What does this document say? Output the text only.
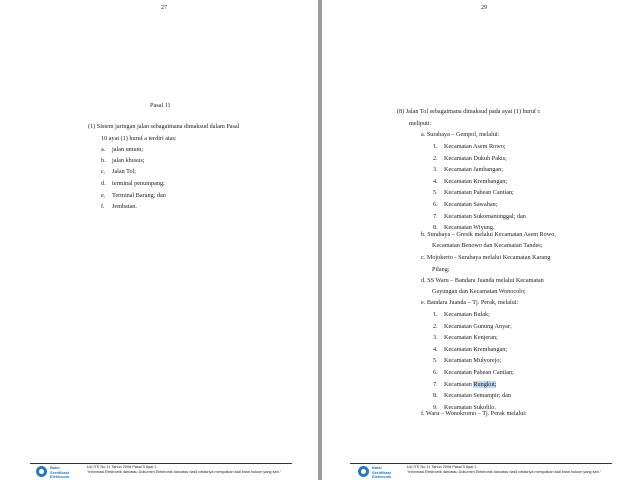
27
Pasal 11
(1) Sistem jaringan jalan sebagaimana dimaksud dalam Pasal
10 ayat (1) huruf a terdiri atas:
a. jalan umum;
b. jalan khusus;
c. Jalan Tol;
d. terminal penumpang;
e. Terminal Barang; dan
f. Jembatan.
Balai
Sertifikasi
Elektronik
UU ITE No 11 Tahun 2008 Pasal 5 Ayat 1
"Informasi Elektronik dan/atau Dokumen Elektronik dan/atau hasil cetaknya merupakan alat bukti hukum yang sah."
29
(8) Jalan Tol sebagaimana dimaksud pada ayat (1) huruf c
meliputi:
a. Surabaya – Gempol, melalui:
1. Kecamatan Asem Rowo;
2. Kecamatan Dukuh Pakis;
3. Kecamatan Jambangan;
4. Kecamatan Krembangan;
5. Kecamatan Pabean Cantian;
6. Kecamatan Sawahan;
7. Kecamatan Sukomanunggal; dan
8. Kecamatan Wiyung.
b. Surabaya – Gresik melalui Kecamatan Asem Rowo,
Kecamatan Benowo dan Kecamatan Tandes;
c. Mojokerto - Surabaya melalui Kecamatan Karang
Pilang;
d. SS Waru – Bandara Juanda melalui Kecamatan
Gayungan dan Kecamatan Wonocolo;
e. Bandara Juanda – Tj. Perak, melalui:
1. Kecamatan Bulak;
2. Kecamatan Gunung Anyar;
3. Kecamatan Kenjeran;
4. Kecamatan Krembangan;
5. Kecamatan Mulyorejo;
6. Kecamatan Pabean Cantian;
7. Kecamatan Rungkut;
8. Kecamatan Semampir; dan
9. Kecamatan Sukolilo.
f. Waru – Wonokromo – Tj. Perak melalui:
Balai
Sertifikasi
Elektronik
UU ITE No 11 Tahun 2008 Pasal 5 Ayat 1
"Informasi Elektronik dan/atau Dokumen Elektronik dan/atau hasil cetaknya merupakan alat bukti hukum yang sah."
